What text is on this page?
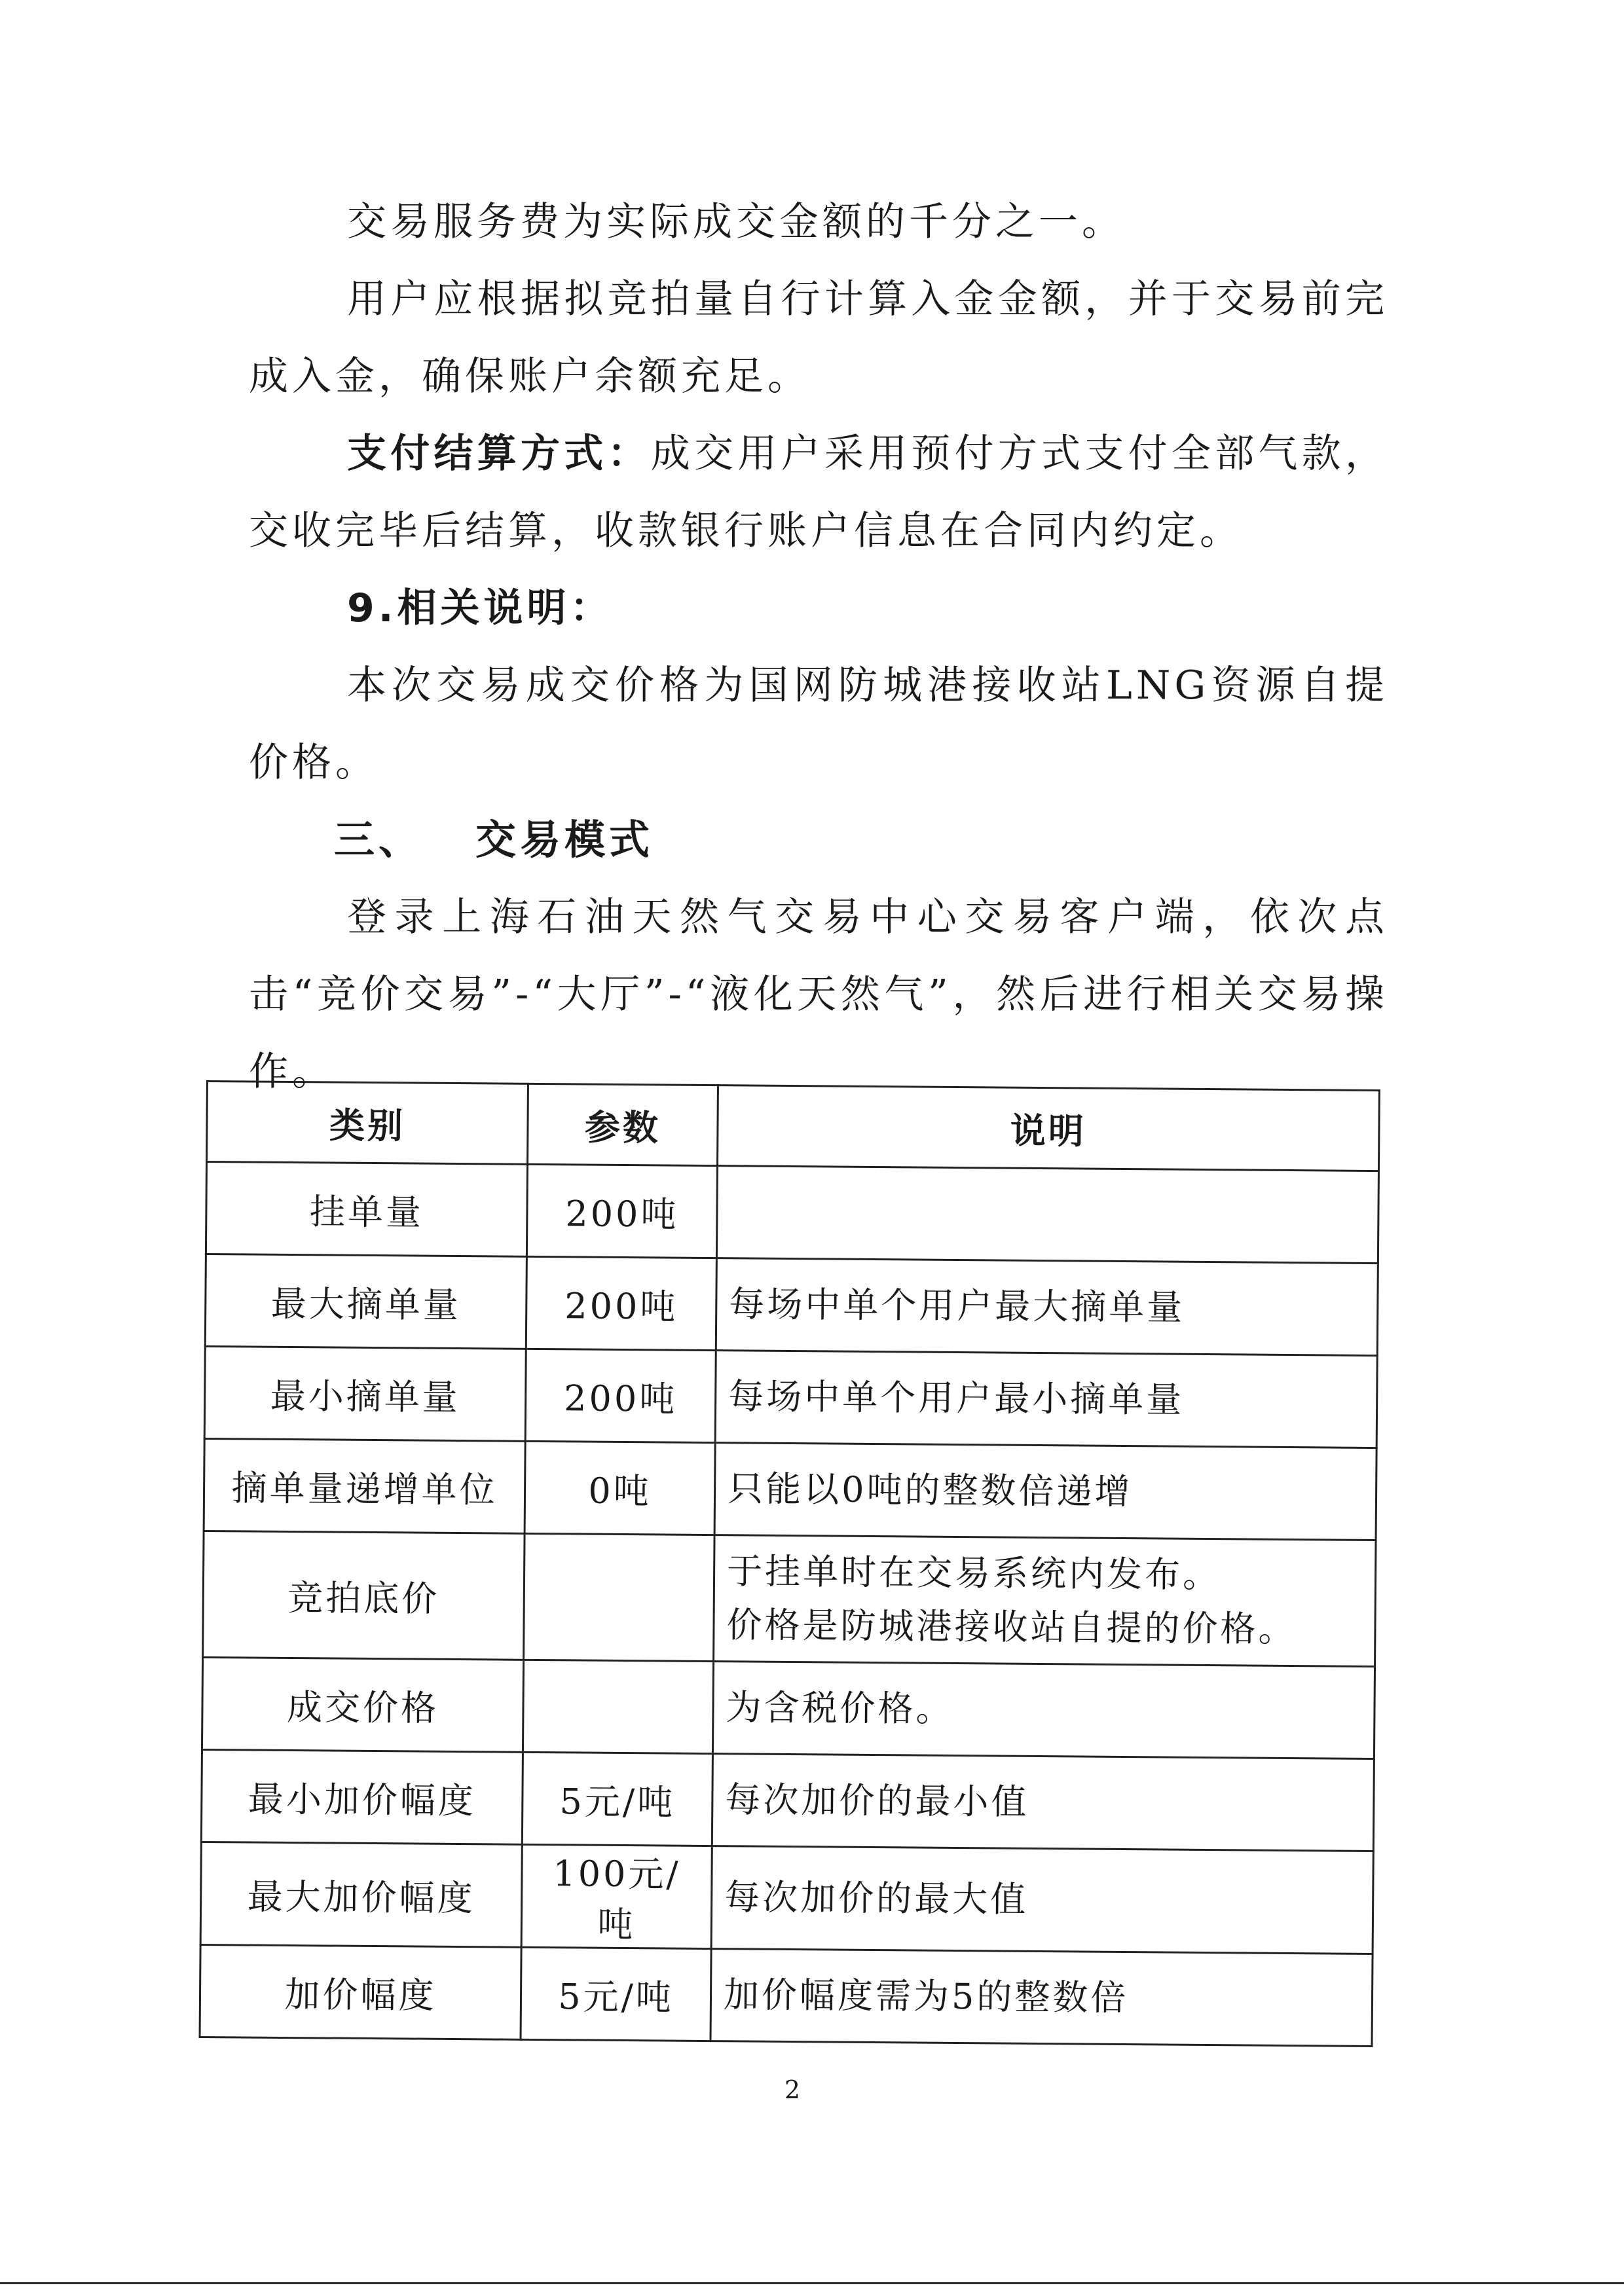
交易服务费为实际成交金额的千分之一。

用户应根据拟竞拍量自行计算入金金额，并于交易前完成入金，确保账户余额充足。

支付结算方式：成交用户采用预付方式支付全部气款，交收完毕后结算，收款银行账户信息在合同内约定。

9.相关说明：

本次交易成交价格为国网防城港接收站LNG资源自提价格。

三、 交易模式

登录上海石油天然气交易中心交易客户端，依次点击“竞价交易”-“大厅”-“液化天然气”，然后进行相关交易操作。

类别	参数	说明
挂单量	200吨	

最大摘单量	200吨	每场中单个用户最大摘单量

最小摘单量	200吨	每场中单个用户最小摘单量

摘单量递增单位	0吨	只能以0吨的整数倍递增

竞拍底价		于挂单时在交易系统内发布。
价格是防城港接收站自提的价格。

成交价格		为含税价格。

最小加价幅度	5元/吨	每次加价的最小值

最大加价幅度	100元/吨	每次加价的最大值

加价幅度	5元/吨	加价幅度需为5的整数倍
2
